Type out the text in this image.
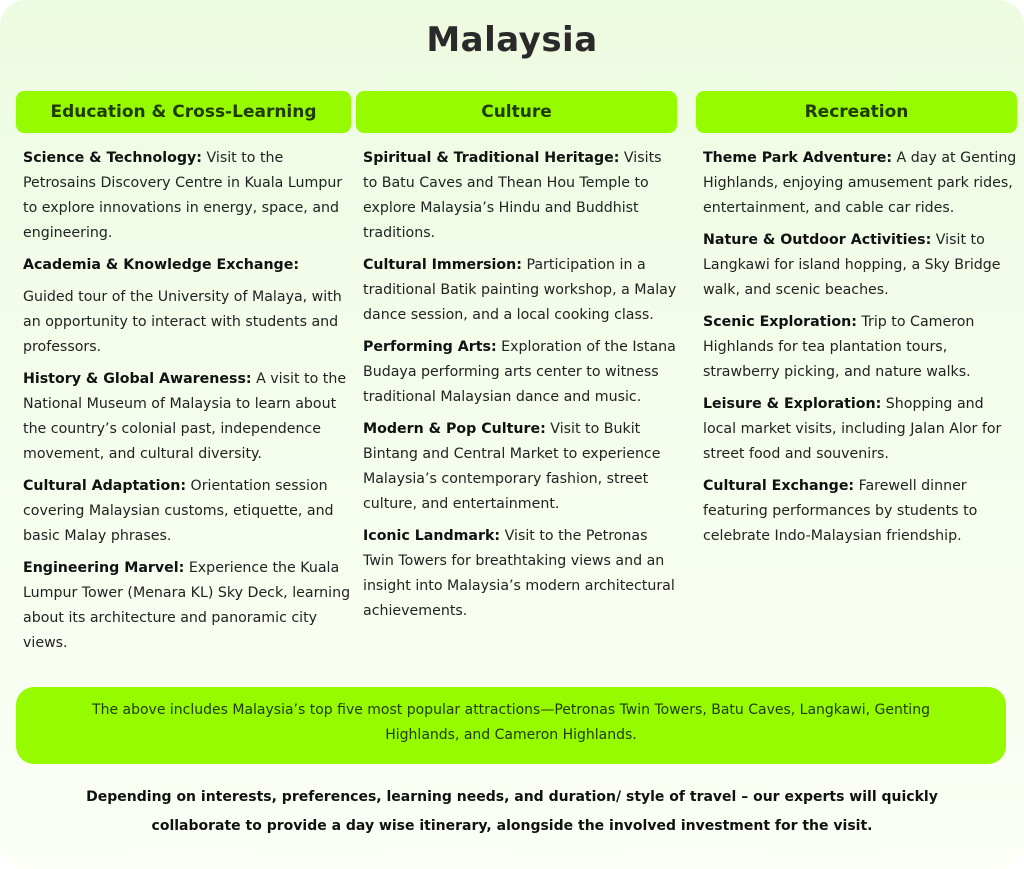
Malaysia
Education & Cross-Learning
Science & Technology: Visit to the Petrosains Discovery Centre in Kuala Lumpur to explore innovations in energy, space, and engineering.
Academia & Knowledge Exchange:
Guided tour of the University of Malaya, with an opportunity to interact with students and professors.
History & Global Awareness: A visit to the National Museum of Malaysia to learn about the country’s colonial past, independence movement, and cultural diversity.
Cultural Adaptation: Orientation session covering Malaysian customs, etiquette, and basic Malay phrases.
Engineering Marvel: Experience the Kuala Lumpur Tower (Menara KL) Sky Deck, learning about its architecture and panoramic city views.
Culture
Spiritual & Traditional Heritage: Visits to Batu Caves and Thean Hou Temple to explore Malaysia’s Hindu and Buddhist traditions.
Cultural Immersion: Participation in a traditional Batik painting workshop, a Malay dance session, and a local cooking class.
Performing Arts: Exploration of the Istana Budaya performing arts center to witness traditional Malaysian dance and music.
Modern & Pop Culture: Visit to Bukit Bintang and Central Market to experience Malaysia’s contemporary fashion, street culture, and entertainment.
Iconic Landmark: Visit to the Petronas Twin Towers for breathtaking views and an insight into Malaysia’s modern architectural achievements.
Recreation
Theme Park Adventure: A day at Genting Highlands, enjoying amusement park rides, entertainment, and cable car rides.
Nature & Outdoor Activities: Visit to Langkawi for island hopping, a Sky Bridge walk, and scenic beaches.
Scenic Exploration: Trip to Cameron Highlands for tea plantation tours, strawberry picking, and nature walks.
Leisure & Exploration: Shopping and local market visits, including Jalan Alor for street food and souvenirs.
Cultural Exchange: Farewell dinner featuring performances by students to celebrate Indo-Malaysian friendship.
The above includes Malaysia’s top five most popular attractions—Petronas Twin Towers, Batu Caves, Langkawi, Genting Highlands, and Cameron Highlands.
Depending on interests, preferences, learning needs, and duration/ style of travel – our experts will quickly collaborate to provide a day wise itinerary, alongside the involved investment for the visit.
